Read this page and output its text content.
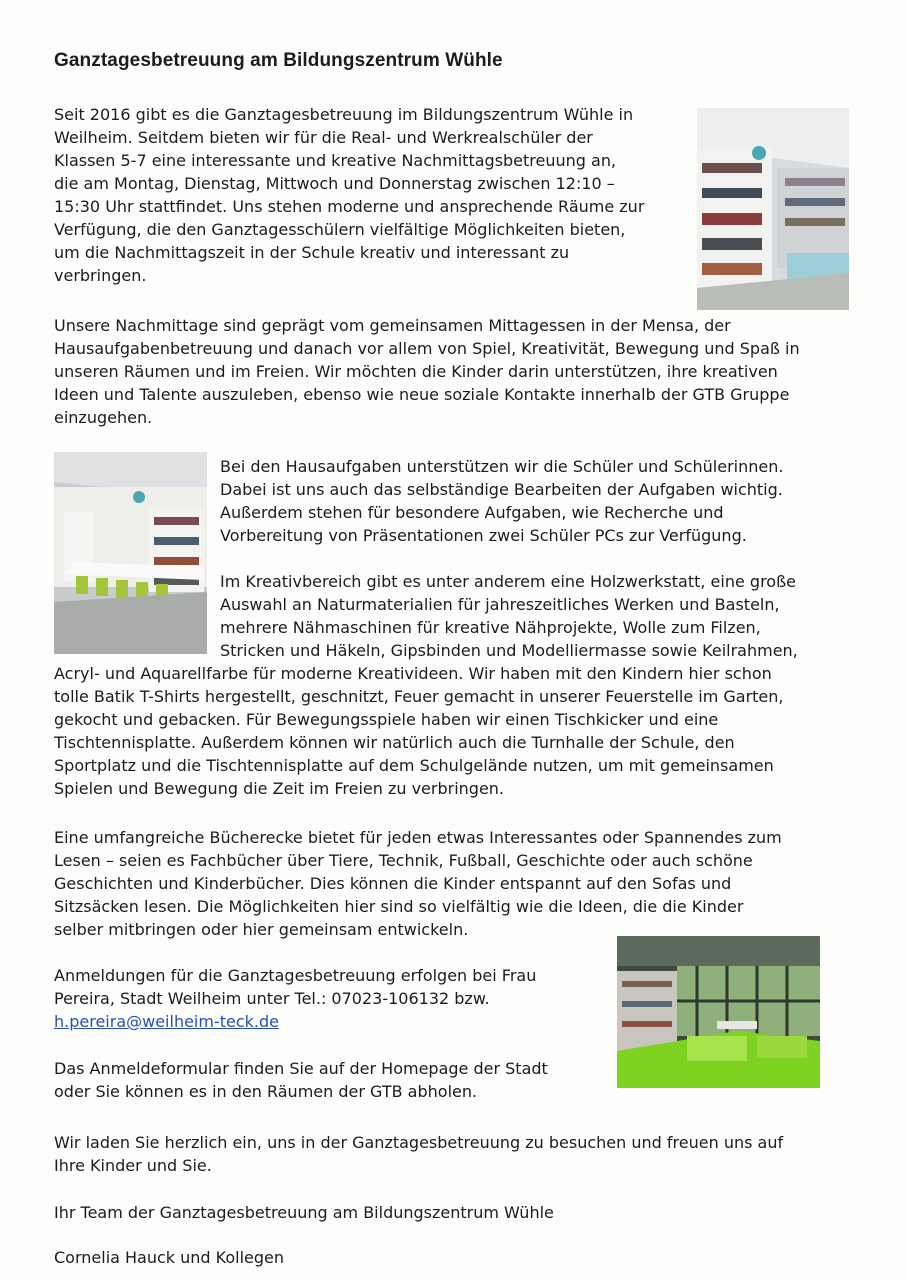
Ganztagesbetreuung am Bildungszentrum Wühle

Seit 2016 gibt es die Ganztagesbetreuung im Bildungszentrum Wühle in
Weilheim. Seitdem bieten wir für die Real- und Werkrealschüler der
Klassen 5-7 eine interessante und kreative Nachmittagsbetreuung an,
die am Montag, Dienstag, Mittwoch und Donnerstag zwischen 12:10 –
15:30 Uhr stattfindet. Uns stehen moderne und ansprechende Räume zur
Verfügung, die den Ganztagesschülern vielfältige Möglichkeiten bieten,
um die Nachmittagszeit in der Schule kreativ und interessant zu
verbringen.

Unsere Nachmittage sind geprägt vom gemeinsamen Mittagessen in der Mensa, der
Hausaufgabenbetreuung und danach vor allem von Spiel, Kreativität, Bewegung und Spaß in
unseren Räumen und im Freien. Wir möchten die Kinder darin unterstützen, ihre kreativen
Ideen und Talente auszuleben, ebenso wie neue soziale Kontakte innerhalb der GTB Gruppe
einzugehen.

Bei den Hausaufgaben unterstützen wir die Schüler und Schülerinnen.
Dabei ist uns auch das selbständige Bearbeiten der Aufgaben wichtig.
Außerdem stehen für besondere Aufgaben, wie Recherche und
Vorbereitung von Präsentationen zwei Schüler PCs zur Verfügung.

Im Kreativbereich gibt es unter anderem eine Holzwerkstatt, eine große
Auswahl an Naturmaterialien für jahreszeitliches Werken und Basteln,
mehrere Nähmaschinen für kreative Nähprojekte, Wolle zum Filzen,
Stricken und Häkeln, Gipsbinden und Modelliermasse sowie Keilrahmen,
Acryl- und Aquarellfarbe für moderne Kreativideen. Wir haben mit den Kindern hier schon
tolle Batik T-Shirts hergestellt, geschnitzt, Feuer gemacht in unserer Feuerstelle im Garten,
gekocht und gebacken. Für Bewegungsspiele haben wir einen Tischkicker und eine
Tischtennisplatte. Außerdem können wir natürlich auch die Turnhalle der Schule, den
Sportplatz und die Tischtennisplatte auf dem Schulgelände nutzen, um mit gemeinsamen
Spielen und Bewegung die Zeit im Freien zu verbringen.

Eine umfangreiche Bücherecke bietet für jeden etwas Interessantes oder Spannendes zum
Lesen – seien es Fachbücher über Tiere, Technik, Fußball, Geschichte oder auch schöne
Geschichten und Kinderbücher. Dies können die Kinder entspannt auf den Sofas und
Sitzsäcken lesen. Die Möglichkeiten hier sind so vielfältig wie die Ideen, die die Kinder
selber mitbringen oder hier gemeinsam entwickeln.

Anmeldungen für die Ganztagesbetreuung erfolgen bei Frau
Pereira, Stadt Weilheim unter Tel.: 07023-106132 bzw.
h.pereira@weilheim-teck.de

Das Anmeldeformular finden Sie auf der Homepage der Stadt
oder Sie können es in den Räumen der GTB abholen.

Wir laden Sie herzlich ein, uns in der Ganztagesbetreuung zu besuchen und freuen uns auf
Ihre Kinder und Sie.

Ihr Team der Ganztagesbetreuung am Bildungszentrum Wühle

Cornelia Hauck und Kollegen
